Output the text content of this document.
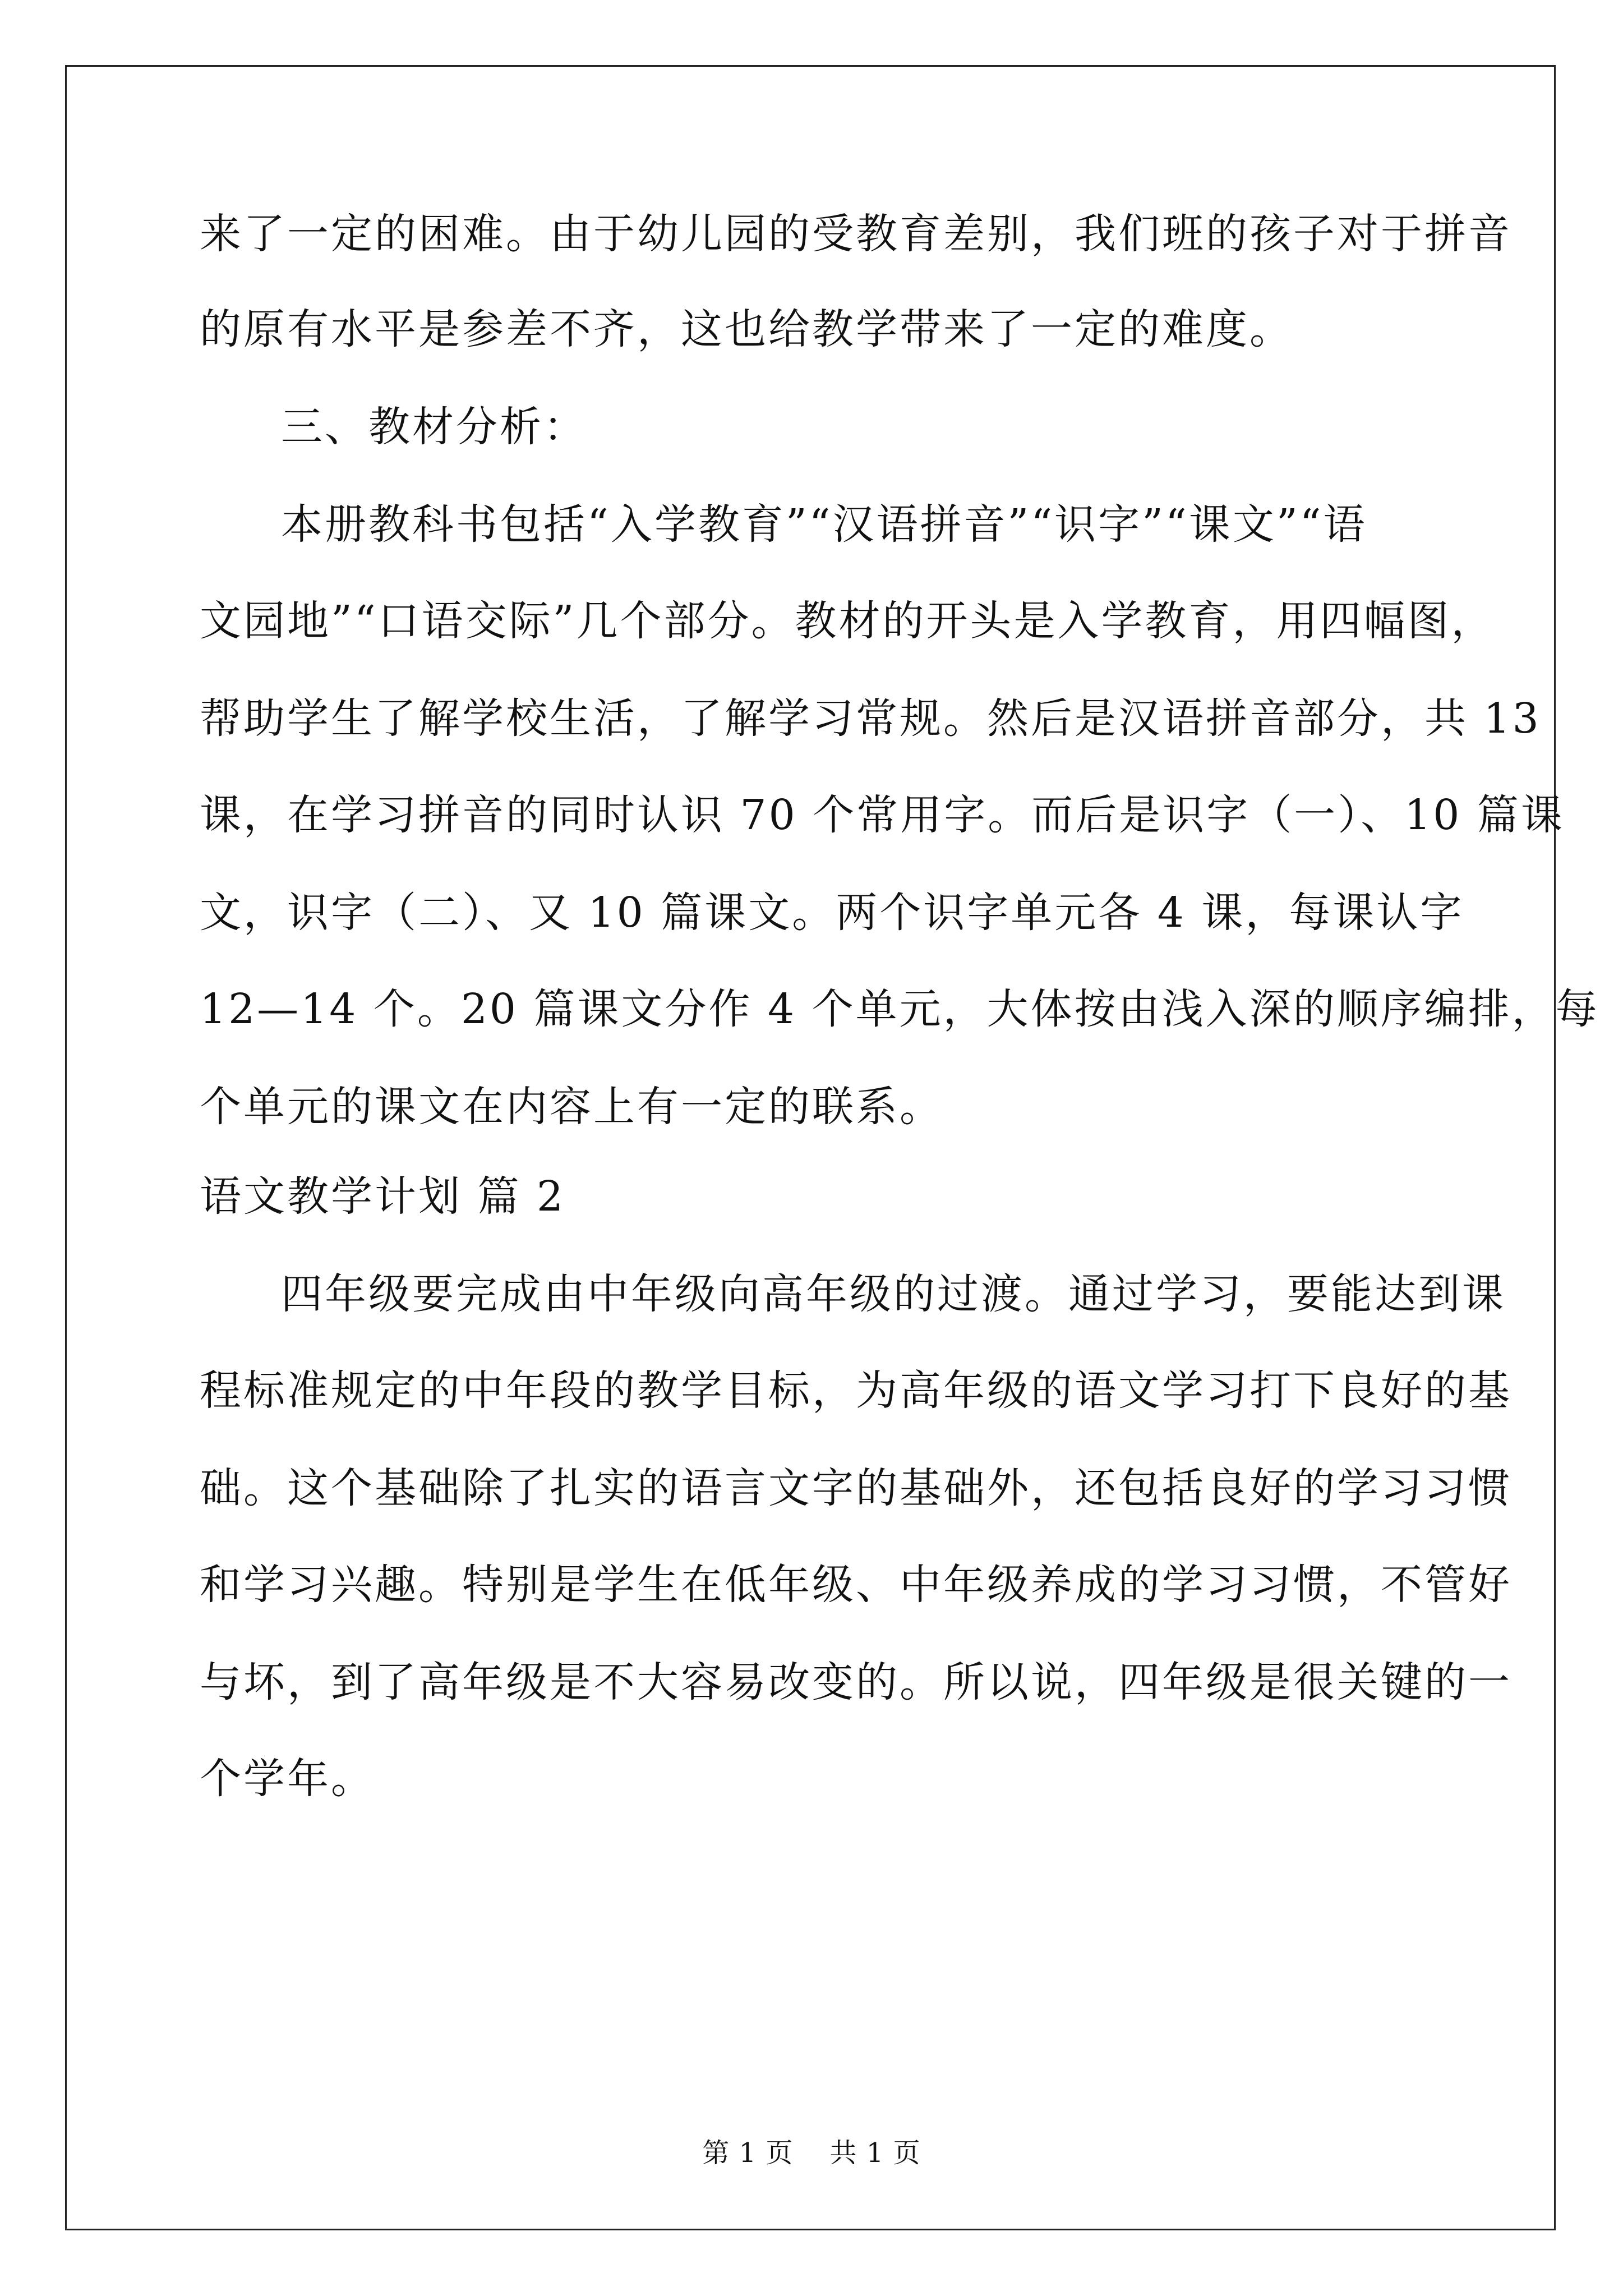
来了一定的困难。由于幼儿园的受教育差别，我们班的孩子对于拼音
的原有水平是参差不齐，这也给教学带来了一定的难度。
三、教材分析：
本册教科书包括“入学教育”“汉语拼音”“识字”“课文”“语
文园地”“口语交际”几个部分。教材的开头是入学教育，用四幅图，
帮助学生了解学校生活，了解学习常规。然后是汉语拼音部分，共 13
课，在学习拼音的同时认识 70 个常用字。而后是识字（一）、10 篇课
文，识字（二）、又 10 篇课文。两个识字单元各 4 课，每课认字
12—14 个。20 篇课文分作 4 个单元，大体按由浅入深的顺序编排，每
个单元的课文在内容上有一定的联系。
语文教学计划 篇 2
四年级要完成由中年级向高年级的过渡。通过学习，要能达到课
程标准规定的中年段的教学目标，为高年级的语文学习打下良好的基
础。这个基础除了扎实的语言文字的基础外，还包括良好的学习习惯
和学习兴趣。特别是学生在低年级、中年级养成的学习习惯，不管好
与坏，到了高年级是不大容易改变的。所以说，四年级是很关键的一
个学年。
第 1 页    共 1 页
